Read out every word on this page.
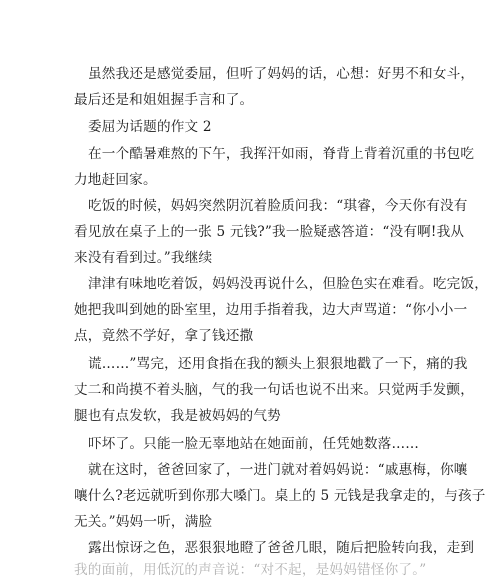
虽然我还是感觉委屈，但听了妈妈的话，心想：好男不和女斗，
最后还是和姐姐握手言和了。
委屈为话题的作文 2
在一个酷暑难熬的下午，我挥汗如雨，脊背上背着沉重的书包吃
力地赶回家。
吃饭的时候，妈妈突然阴沉着脸质问我：“琪睿，今天你有没有
看见放在桌子上的一张 5 元钱?”我一脸疑惑答道：“没有啊!我从
来没有看到过。”我继续
津津有味地吃着饭，妈妈没再说什么，但脸色实在难看。吃完饭，
她把我叫到她的卧室里，边用手指着我，边大声骂道：“你小小一
点，竟然不学好，拿了钱还撒
谎……”骂完，还用食指在我的额头上狠狠地戳了一下，痛的我
丈二和尚摸不着头脑，气的我一句话也说不出来。只觉两手发颤，
腿也有点发软，我是被妈妈的气势
吓坏了。只能一脸无辜地站在她面前，任凭她数落……
就在这时，爸爸回家了，一进门就对着妈妈说：“戚惠梅，你嚷
嚷什么?老远就听到你那大嗓门。桌上的 5 元钱是我拿走的，与孩子
无关。”妈妈一听，满脸
露出惊讶之色，恶狠狠地瞪了爸爸几眼，随后把脸转向我，走到
我的面前，用低沉的声音说：“对不起，是妈妈错怪你了。”
